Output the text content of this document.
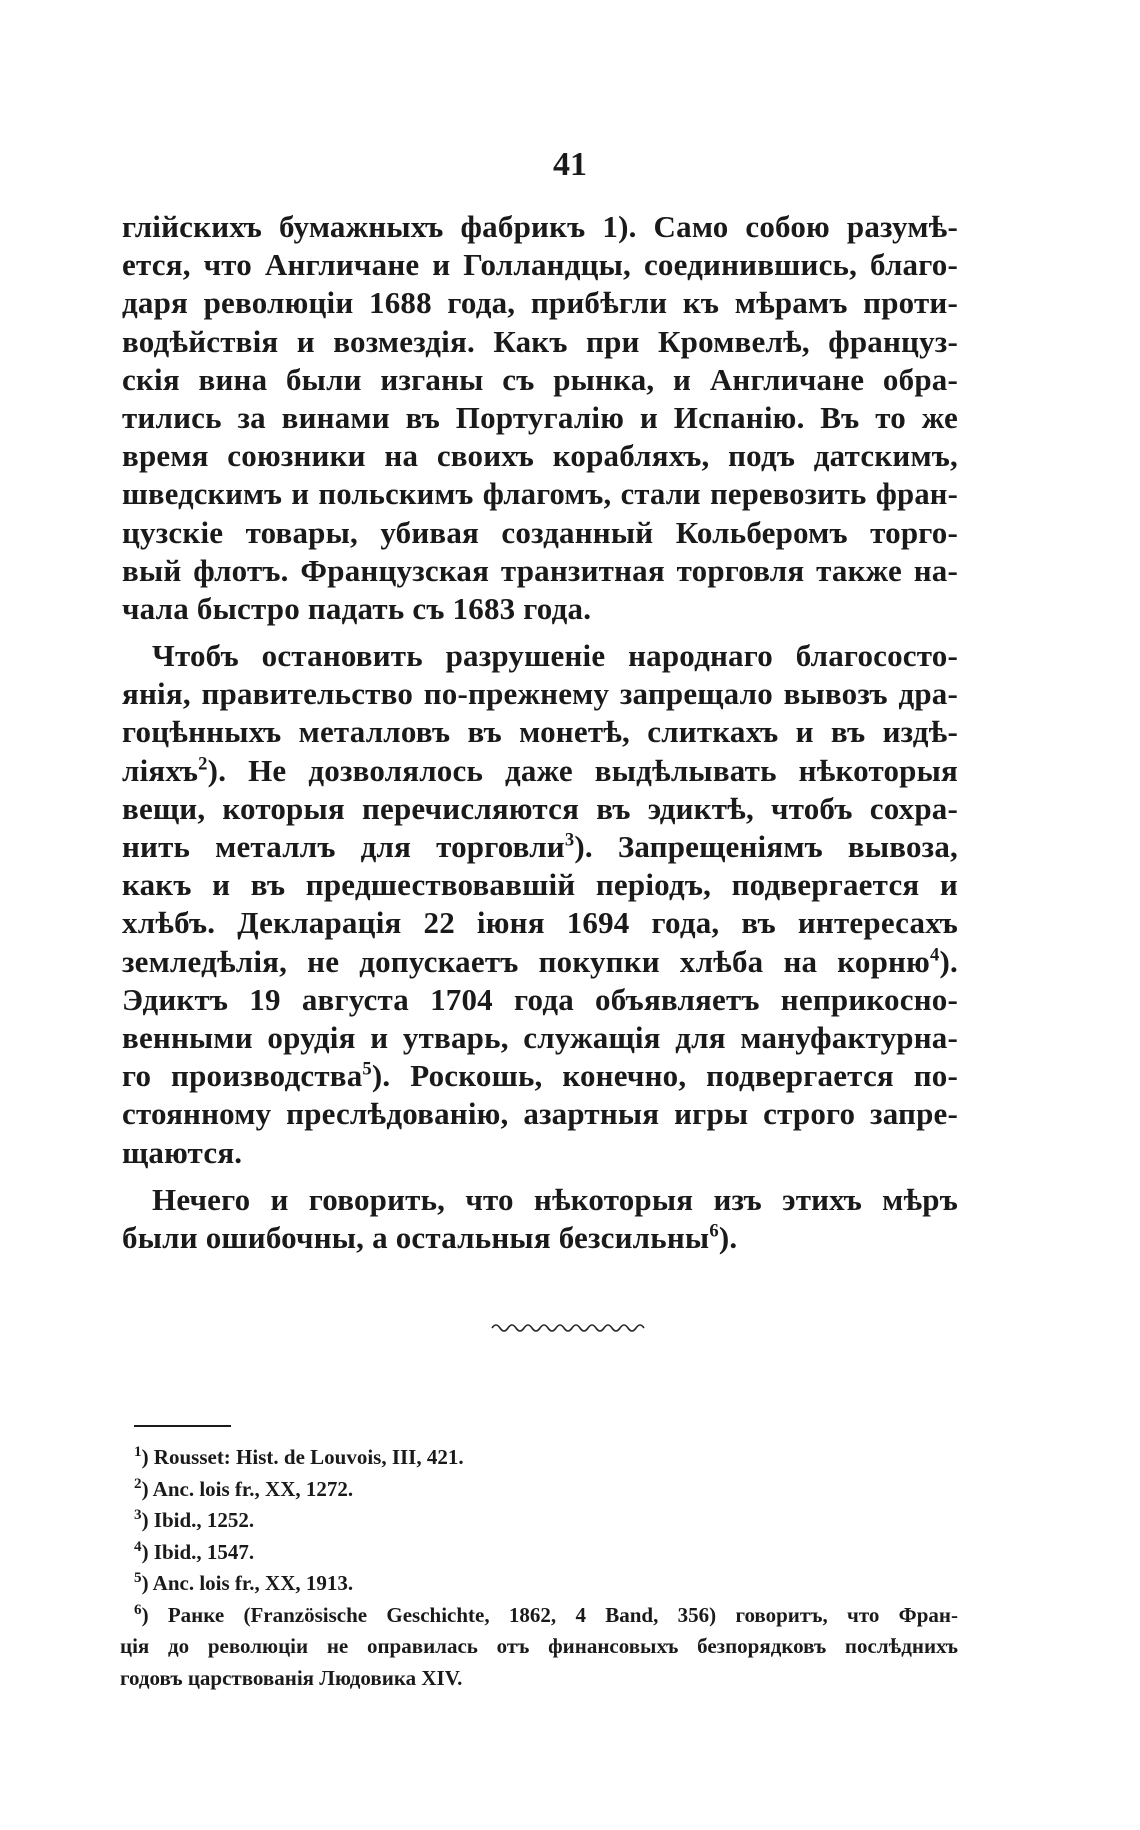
41
глійскихъ бумажныхъ фабрикъ 1). Само собою разумѣ-
ется, что Англичане и Голландцы, соединившись, благо-
даря революціи 1688 года, прибѣгли къ мѣрамъ проти-
водѣйствія и возмездія. Какъ при Кромвелѣ, француз-
скія вина были изганы съ рынка, и Англичане обра-
тились за винами въ Португалію и Испанію. Въ то же
время союзники на своихъ корабляхъ, подъ датскимъ,
шведскимъ и польскимъ флагомъ, стали перевозить фран-
цузскіе товары, убивая созданный Кольберомъ торго-
вый флотъ. Французская транзитная торговля также на-
чала быстро падать съ 1683 года.
Чтобъ остановить разрушеніе народнаго благососто-
янія, правительство по-прежнему запрещало вывозъ дра-
гоцѣнныхъ металловъ въ монетѣ, слиткахъ и въ издѣ-
ліяхъ$^2$). Не дозволялось даже выдѣлывать нѣкоторыя
вещи, которыя перечисляются въ эдиктѣ, чтобъ сохра-
нить металлъ для торговли$^3$). Запрещеніямъ вывоза,
какъ и въ предшествовавшій періодъ, подвергается и
хлѣбъ. Декларація 22 іюня 1694 года, въ интересахъ
земледѣлія, не допускаетъ покупки хлѣба на корню$^4$).
Эдиктъ 19 августа 1704 года объявляетъ неприкосно-
венными орудія и утварь, служащія для мануфактурна-
го производства$^5$). Роскошь, конечно, подвергается по-
стоянному преслѣдованію, азартныя игры строго запре-
щаются.
Нечего и говорить, что нѣкоторыя изъ этихъ мѣръ
были ошибочны, а остальныя безсильны$^6$).
$^1$) Rousset: Hist. de Louvois, III, 421.
$^2$) Anc. lois fr., XX, 1272.
$^3$) Ibid., 1252.
$^4$) Ibid., 1547.
$^5$) Anc. lois fr., XX, 1913.
$^6$) Ранке (Französische Geschichte, 1862, 4 Band, 356) говоритъ, что Фран-
ція до революціи не оправилась отъ финансовыхъ безпорядковъ послѣднихъ
годовъ царствованія Людовика XIV.
